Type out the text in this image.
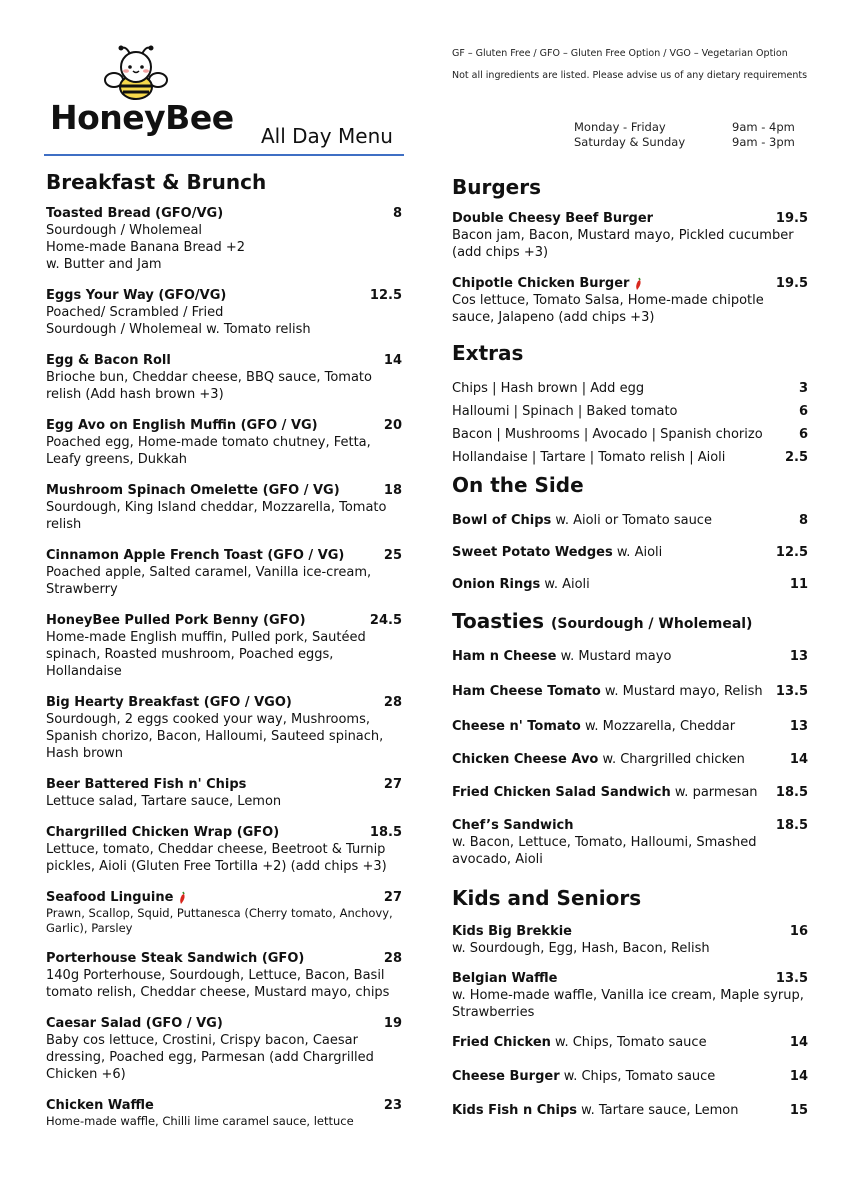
HoneyBee All Day Menu
GF – Gluten Free / GFO – Gluten Free Option / VGO – Vegetarian Option
Not all ingredients are listed. Please advise us of any dietary requirements
Monday - Friday	9am - 4pm
Saturday & Sunday	9am - 3pm
Breakfast & Brunch
Toasted Bread (GFO/VG)	8
Sourdough / Wholemeal
Home-made Banana Bread +2
w. Butter and Jam
Eggs Your Way (GFO/VG)	12.5
Poached/ Scrambled / Fried
Sourdough / Wholemeal w. Tomato relish
Egg & Bacon Roll	14
Brioche bun, Cheddar cheese, BBQ sauce, Tomato
relish (Add hash brown +3)
Egg Avo on English Muffin (GFO / VG)	20
Poached egg, Home-made tomato chutney, Fetta,
Leafy greens, Dukkah
Mushroom Spinach Omelette (GFO / VG)	18
Sourdough, King Island cheddar, Mozzarella, Tomato
relish
Cinnamon Apple French Toast (GFO / VG)	25
Poached apple, Salted caramel, Vanilla ice-cream,
Strawberry
HoneyBee Pulled Pork Benny (GFO)	24.5
Home-made English muffin, Pulled pork, Sautéed
spinach, Roasted mushroom, Poached eggs,
Hollandaise
Big Hearty Breakfast (GFO / VGO)	28
Sourdough, 2 eggs cooked your way, Mushrooms,
Spanish chorizo, Bacon, Halloumi, Sauteed spinach,
Hash brown
Beer Battered Fish n' Chips	27
Lettuce salad, Tartare sauce, Lemon
Chargrilled Chicken Wrap (GFO)	18.5
Lettuce, tomato, Cheddar cheese, Beetroot & Turnip
pickles, Aioli (Gluten Free Tortilla +2) (add chips +3)
Seafood Linguine	27
Prawn, Scallop, Squid, Puttanesca (Cherry tomato, Anchovy,
Garlic), Parsley
Porterhouse Steak Sandwich (GFO)	28
140g Porterhouse, Sourdough, Lettuce, Bacon, Basil
tomato relish, Cheddar cheese, Mustard mayo, chips
Caesar Salad (GFO / VG)	19
Baby cos lettuce, Crostini, Crispy bacon, Caesar
dressing, Poached egg, Parmesan (add Chargrilled
Chicken +6)
Chicken Waffle	23
Home-made waffle, Chilli lime caramel sauce, lettuce
Burgers
Double Cheesy Beef Burger	19.5
Bacon jam, Bacon, Mustard mayo, Pickled cucumber
(add chips +3)
Chipotle Chicken Burger	19.5
Cos lettuce, Tomato Salsa, Home-made chipotle
sauce, Jalapeno (add chips +3)
Extras
Chips | Hash brown | Add egg	3
Halloumi | Spinach | Baked tomato	6
Bacon | Mushrooms | Avocado | Spanish chorizo	6
Hollandaise | Tartare | Tomato relish | Aioli	2.5
On the Side
Bowl of Chips w. Aioli or Tomato sauce	8
Sweet Potato Wedges w. Aioli	12.5
Onion Rings w. Aioli	11
Toasties (Sourdough / Wholemeal)
Ham n Cheese w. Mustard mayo	13
Ham Cheese Tomato w. Mustard mayo, Relish	13.5
Cheese n' Tomato w. Mozzarella, Cheddar	13
Chicken Cheese Avo w. Chargrilled chicken	14
Fried Chicken Salad Sandwich w. parmesan	18.5
Chef’s Sandwich	18.5
w. Bacon, Lettuce, Tomato, Halloumi, Smashed
avocado, Aioli
Kids and Seniors
Kids Big Brekkie	16
w. Sourdough, Egg, Hash, Bacon, Relish
Belgian Waffle	13.5
w. Home-made waffle, Vanilla ice cream, Maple syrup,
Strawberries
Fried Chicken w. Chips, Tomato sauce	14
Cheese Burger w. Chips, Tomato sauce	14
Kids Fish n Chips w. Tartare sauce, Lemon	15
